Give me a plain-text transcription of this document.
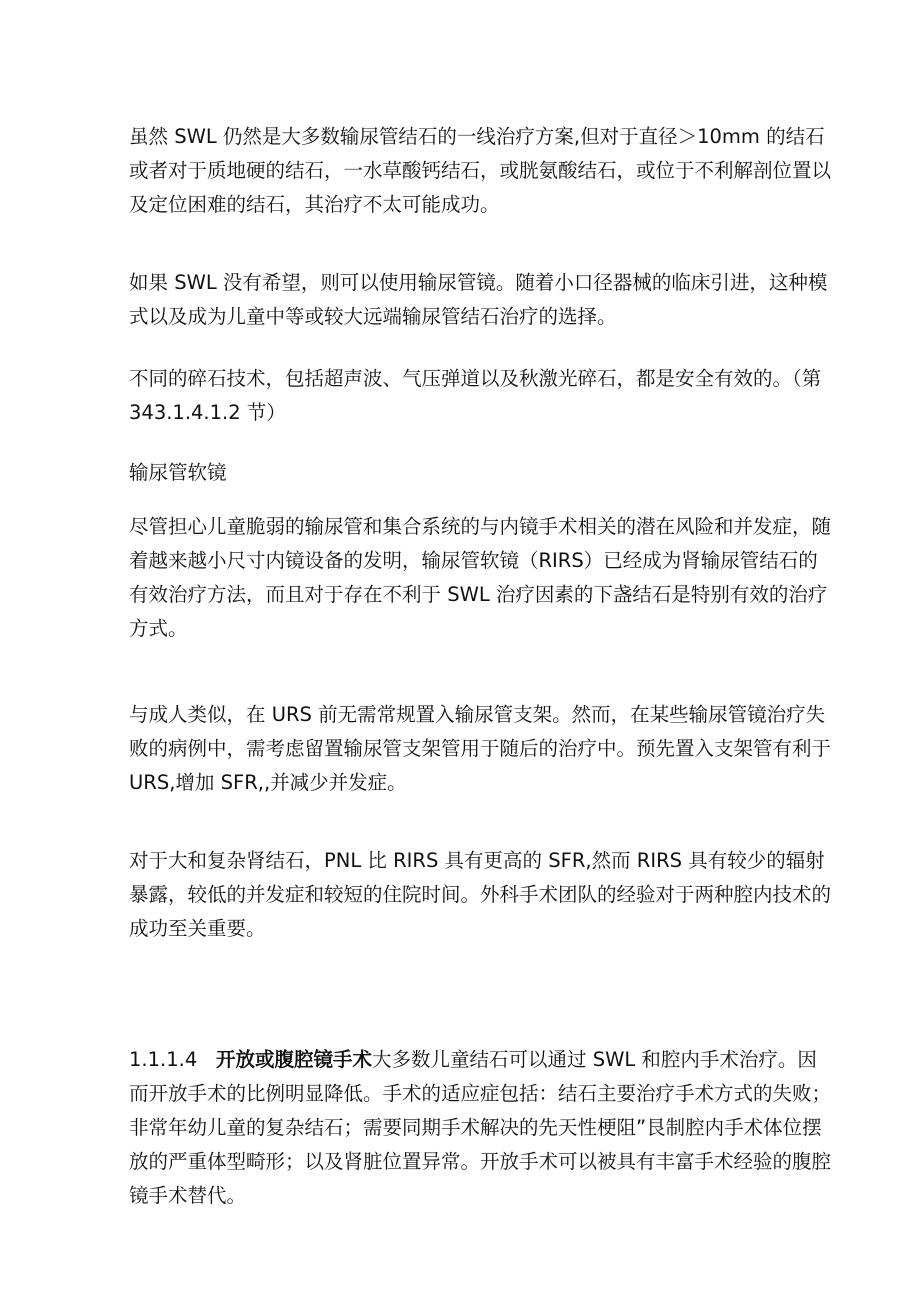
虽然 SWL 仍然是大多数输尿管结石的一线治疗方案,但对于直径＞10mm 的结石
或者对于质地硬的结石，一水草酸钙结石，或胱氨酸结石，或位于不利解剖位置以
及定位困难的结石，其治疗不太可能成功。
如果 SWL 没有希望，则可以使用输尿管镜。随着小口径器械的临床引进，这种模
式以及成为儿童中等或较大远端输尿管结石治疗的选择。
不同的碎石技术，包括超声波、气压弹道以及秋激光碎石，都是安全有效的。（第
343.1.4.1.2 节）
输尿管软镜
尽管担心儿童脆弱的输尿管和集合系统的与内镜手术相关的潜在风险和并发症，随
着越来越小尺寸内镜设备的发明，输尿管软镜（RIRS）已经成为肾输尿管结石的
有效治疗方法，而且对于存在不利于 SWL 治疗因素的下盏结石是特别有效的治疗
方式。
与成人类似，在 URS 前无需常规置入输尿管支架。然而，在某些输尿管镜治疗失
败的病例中，需考虑留置输尿管支架管用于随后的治疗中。预先置入支架管有利于
URS,增加 SFR,,并减少并发症。
对于大和复杂肾结石，PNL 比 RIRS 具有更高的 SFR,然而 RIRS 具有较少的辐射
暴露，较低的并发症和较短的住院时间。外科手术团队的经验对于两种腔内技术的
成功至关重要。
1.1.1.4 开放或腹腔镜手术大多数儿童结石可以通过 SWL 和腔内手术治疗。因
而开放手术的比例明显降低。手术的适应症包括：结石主要治疗手术方式的失败；
非常年幼儿童的复杂结石；需要同期手术解决的先天性梗阻”艮制腔内手术体位摆
放的严重体型畸形；以及肾脏位置异常。开放手术可以被具有丰富手术经验的腹腔
镜手术替代。
